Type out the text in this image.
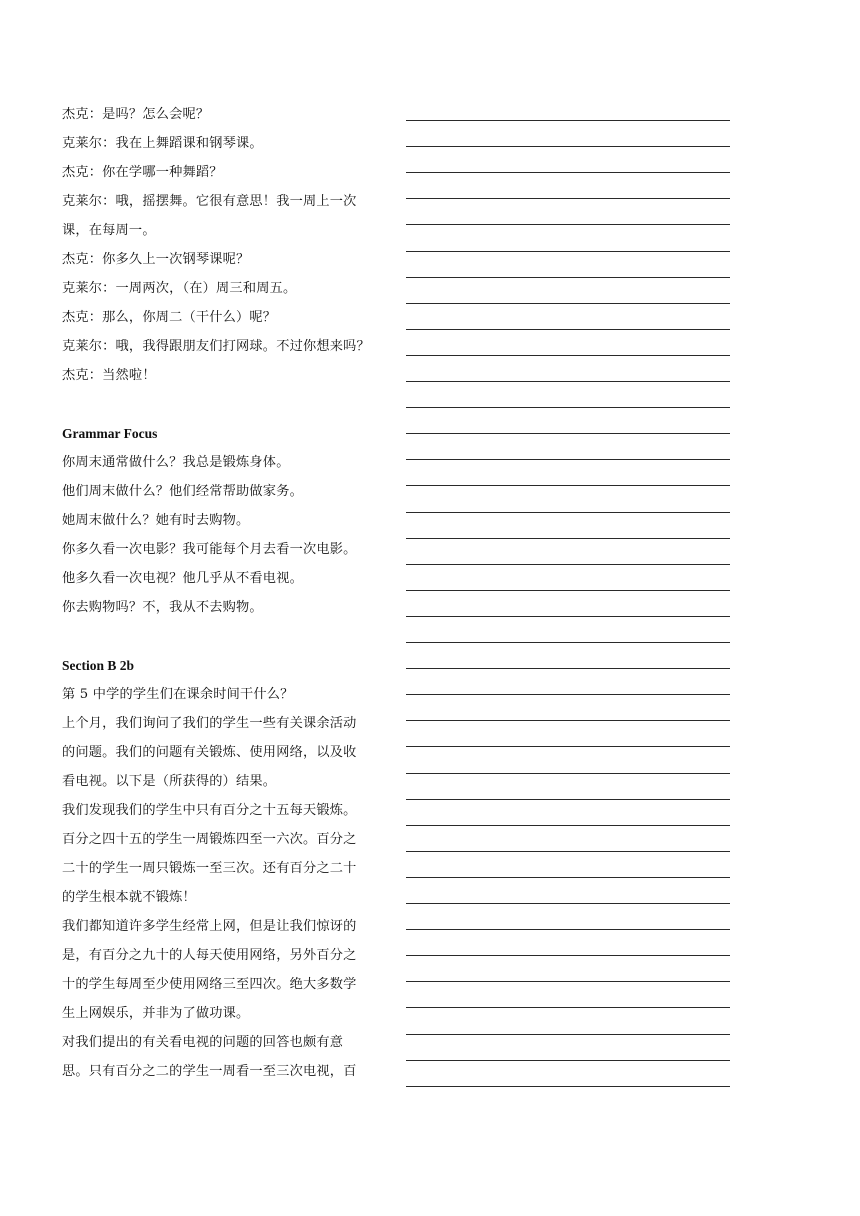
杰克：是吗？怎么会呢？
克莱尔：我在上舞蹈课和钢琴课。
杰克：你在学哪一种舞蹈？
克莱尔：哦，摇摆舞。它很有意思！我一周上一次
课，在每周一。
杰克：你多久上一次钢琴课呢？
克莱尔：一周两次，（在）周三和周五。
杰克：那么，你周二（干什么）呢？
克莱尔：哦，我得跟朋友们打网球。不过你想来吗？
杰克：当然啦！
Grammar Focus
你周末通常做什么？我总是锻炼身体。
他们周末做什么？他们经常帮助做家务。
她周末做什么？她有时去购物。
你多久看一次电影？我可能每个月去看一次电影。
他多久看一次电视？他几乎从不看电视。
你去购物吗？不，我从不去购物。
Section B 2b
第 5 中学的学生们在课余时间干什么？
上个月，我们询问了我们的学生一些有关课余活动
的问题。我们的问题有关锻炼、使用网络，以及收
看电视。以下是（所获得的）结果。
我们发现我们的学生中只有百分之十五每天锻炼。
百分之四十五的学生一周锻炼四至一六次。百分之
二十的学生一周只锻炼一至三次。还有百分之二十
的学生根本就不锻炼！
我们都知道许多学生经常上网，但是让我们惊讶的
是，有百分之九十的人每天使用网络，另外百分之
十的学生每周至少使用网络三至四次。绝大多数学
生上网娱乐，并非为了做功课。
对我们提出的有关看电视的问题的回答也颇有意
思。只有百分之二的学生一周看一至三次电视，百
